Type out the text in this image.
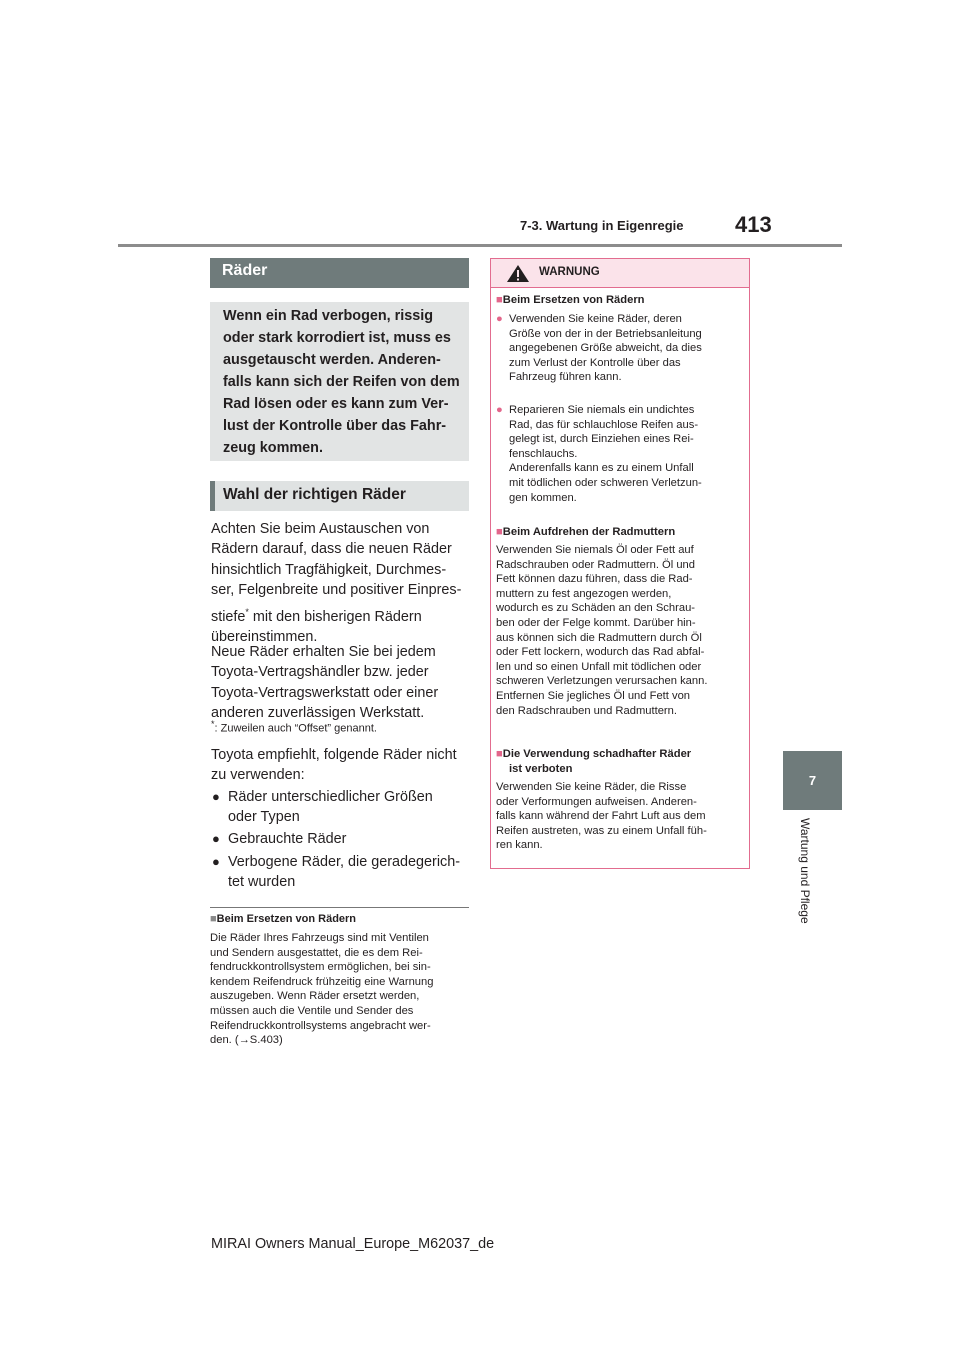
7-3. Wartung in Eigenregie 413
7
Wartung und Pflege
Räder
Wenn ein Rad verbogen, rissig
oder stark korrodiert ist, muss es
ausgetauscht werden. Anderen-
falls kann sich der Reifen von dem
Rad lösen oder es kann zum Ver-
lust der Kontrolle über das Fahr-
zeug kommen.
Wahl der richtigen Räder
Achten Sie beim Austauschen von
Rädern darauf, dass die neuen Räder
hinsichtlich Tragfähigkeit, Durchmes-
ser, Felgenbreite und positiver Einpres-
stiefe* mit den bisherigen Rädern
übereinstimmen.
Neue Räder erhalten Sie bei jedem
Toyota-Vertragshändler bzw. jeder
Toyota-Vertragswerkstatt oder einer
anderen zuverlässigen Werkstatt.
*: Zuweilen auch “Offset” genannt.
Toyota empfiehlt, folgende Räder nicht
zu verwenden:
● Räder unterschiedlicher Größen
oder Typen
● Gebrauchte Räder
● Verbogene Räder, die geradegerich-
tet wurden
■Beim Ersetzen von Rädern
Die Räder Ihres Fahrzeugs sind mit Ventilen
und Sendern ausgestattet, die es dem Rei-
fendruckkontrollsystem ermöglichen, bei sin-
kendem Reifendruck frühzeitig eine Warnung
auszugeben. Wenn Räder ersetzt werden,
müssen auch die Ventile und Sender des
Reifendruckkontrollsystems angebracht wer-
den. (→S.403)
WARNUNG
■Beim Ersetzen von Rädern
● Verwenden Sie keine Räder, deren
Größe von der in der Betriebsanleitung
angegebenen Größe abweicht, da dies
zum Verlust der Kontrolle über das
Fahrzeug führen kann.
● Reparieren Sie niemals ein undichtes
Rad, das für schlauchlose Reifen aus-
gelegt ist, durch Einziehen eines Rei-
fenschlauchs.
Anderenfalls kann es zu einem Unfall
mit tödlichen oder schweren Verletzun-
gen kommen.
■Beim Aufdrehen der Radmuttern
Verwenden Sie niemals Öl oder Fett auf
Radschrauben oder Radmuttern. Öl und
Fett können dazu führen, dass die Rad-
muttern zu fest angezogen werden,
wodurch es zu Schäden an den Schrau-
ben oder der Felge kommt. Darüber hin-
aus können sich die Radmuttern durch Öl
oder Fett lockern, wodurch das Rad abfal-
len und so einen Unfall mit tödlichen oder
schweren Verletzungen verursachen kann.
Entfernen Sie jegliches Öl und Fett von
den Radschrauben und Radmuttern.
■Die Verwendung schadhafter Räder
ist verboten
Verwenden Sie keine Räder, die Risse
oder Verformungen aufweisen. Anderen-
falls kann während der Fahrt Luft aus dem
Reifen austreten, was zu einem Unfall füh-
ren kann.
MIRAI Owners Manual_Europe_M62037_de
